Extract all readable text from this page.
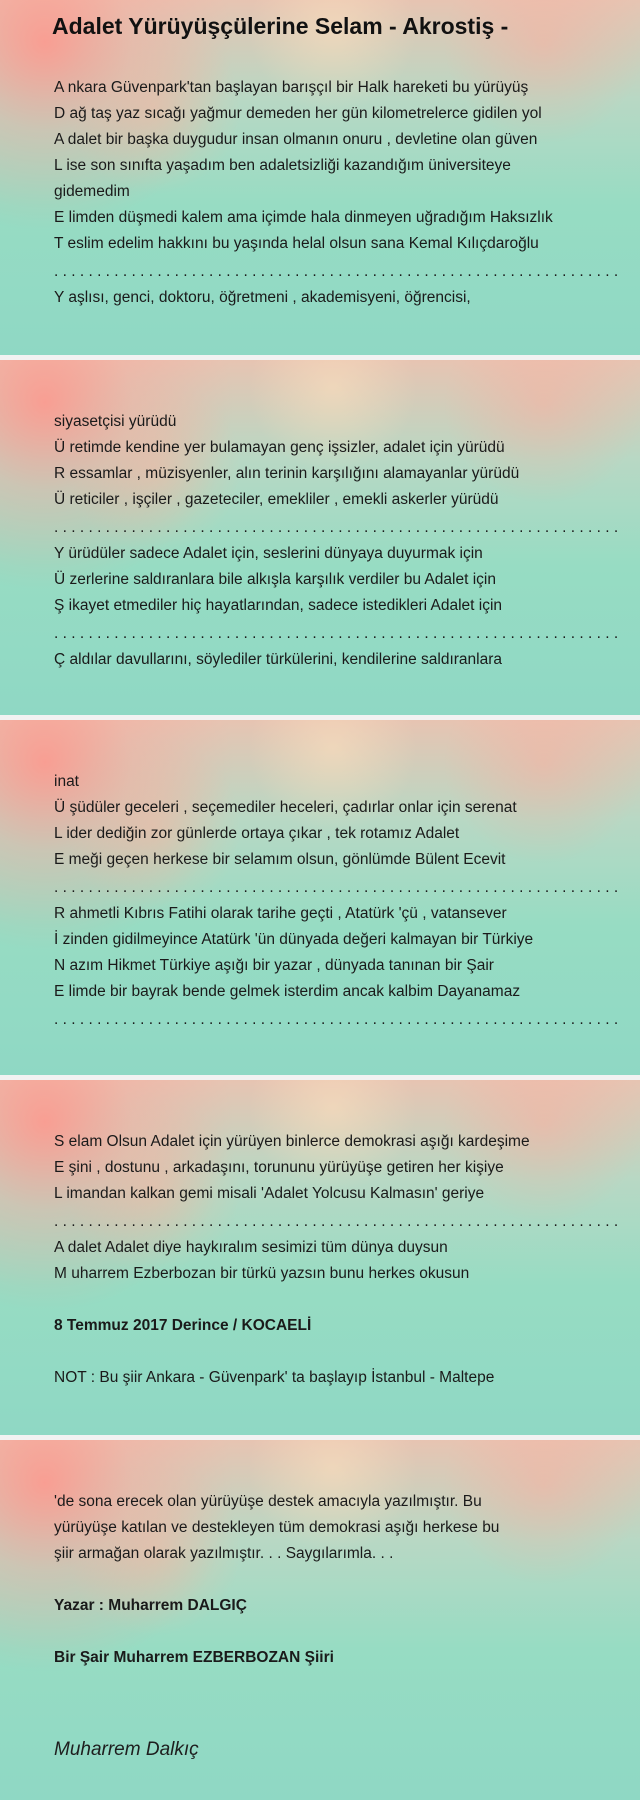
Adalet Yürüyüşçülerine Selam - Akrostiş -

A nkara Güvenpark'tan başlayan barışçıl bir Halk hareketi bu yürüyüş

D ağ taş yaz sıcağı yağmur demeden her gün kilometrelerce gidilen yol

A dalet bir başka duygudur insan olmanın onuru , devletine olan güven

L ise son sınıfta yaşadım ben adaletsizliği kazandığım üniversiteye

gidemedim

E limden düşmedi kalem ama içimde hala dinmeyen uğradığım Haksızlık

T eslim edelim hakkını bu yaşında helal olsun sana Kemal Kılıçdaroğlu

. . . . . . . . . . . . . . . . . . . . . . . . . . . . . . . . . . . . . . . . . . . . . . . . . . . . . . . . . . . . . . . . . .

Y aşlısı, genci, doktoru, öğretmeni , akademisyeni, öğrencisi,

siyasetçisi yürüdü

Ü retimde kendine yer bulamayan genç işsizler, adalet için yürüdü

R essamlar , müzisyenler, alın terinin karşılığını alamayanlar yürüdü

Ü reticiler , işçiler , gazeteciler, emekliler , emekli askerler yürüdü

. . . . . . . . . . . . . . . . . . . . . . . . . . . . . . . . . . . . . . . . . . . . . . . . . . . . . . . . . . . . . . . . . .

Y ürüdüler sadece Adalet için, seslerini dünyaya duyurmak için

Ü zerlerine saldıranlara bile alkışla karşılık verdiler bu Adalet için

Ş ikayet etmediler hiç hayatlarından, sadece istedikleri Adalet için

. . . . . . . . . . . . . . . . . . . . . . . . . . . . . . . . . . . . . . . . . . . . . . . . . . . . . . . . . . . . . . . . . .

Ç aldılar davullarını, söylediler türkülerini, kendilerine saldıranlara

inat

Ü şüdüler geceleri , seçemediler heceleri, çadırlar onlar için serenat

L ider dediğin zor günlerde ortaya çıkar , tek rotamız Adalet

E meği geçen herkese bir selamım olsun, gönlümde Bülent Ecevit

. . . . . . . . . . . . . . . . . . . . . . . . . . . . . . . . . . . . . . . . . . . . . . . . . . . . . . . . . . . . . . . . . .

R ahmetli Kıbrıs Fatihi olarak tarihe geçti , Atatürk 'çü , vatansever

İ zinden gidilmeyince Atatürk 'ün dünyada değeri kalmayan bir Türkiye

N azım Hikmet Türkiye aşığı bir yazar , dünyada tanınan bir Şair

E limde bir bayrak bende gelmek isterdim ancak kalbim Dayanamaz

. . . . . . . . . . . . . . . . . . . . . . . . . . . . . . . . . . . . . . . . . . . . . . . . . . . . . . . . . . . . . . . . . .

S elam Olsun Adalet için yürüyen binlerce demokrasi aşığı kardeşime

E şini , dostunu , arkadaşını, torununu yürüyüşe getiren her kişiye

L imandan kalkan gemi misali 'Adalet Yolcusu Kalmasın' geriye

. . . . . . . . . . . . . . . . . . . . . . . . . . . . . . . . . . . . . . . . . . . . . . . . . . . . . . . . . . . . . . . . . .

A dalet Adalet diye haykıralım sesimizi tüm dünya duysun

M uharrem Ezberbozan bir türkü yazsın bunu herkes okusun

8 Temmuz 2017 Derince / KOCAELİ

NOT : Bu şiir Ankara - Güvenpark' ta başlayıp İstanbul - Maltepe

'de sona erecek olan yürüyüşe destek amacıyla yazılmıştır. Bu

yürüyüşe katılan ve destekleyen tüm demokrasi aşığı herkese bu

şiir armağan olarak yazılmıştır. . . Saygılarımla. . .

Yazar : Muharrem DALGIÇ

Bir Şair Muharrem EZBERBOZAN Şiiri

Muharrem Dalkıç
